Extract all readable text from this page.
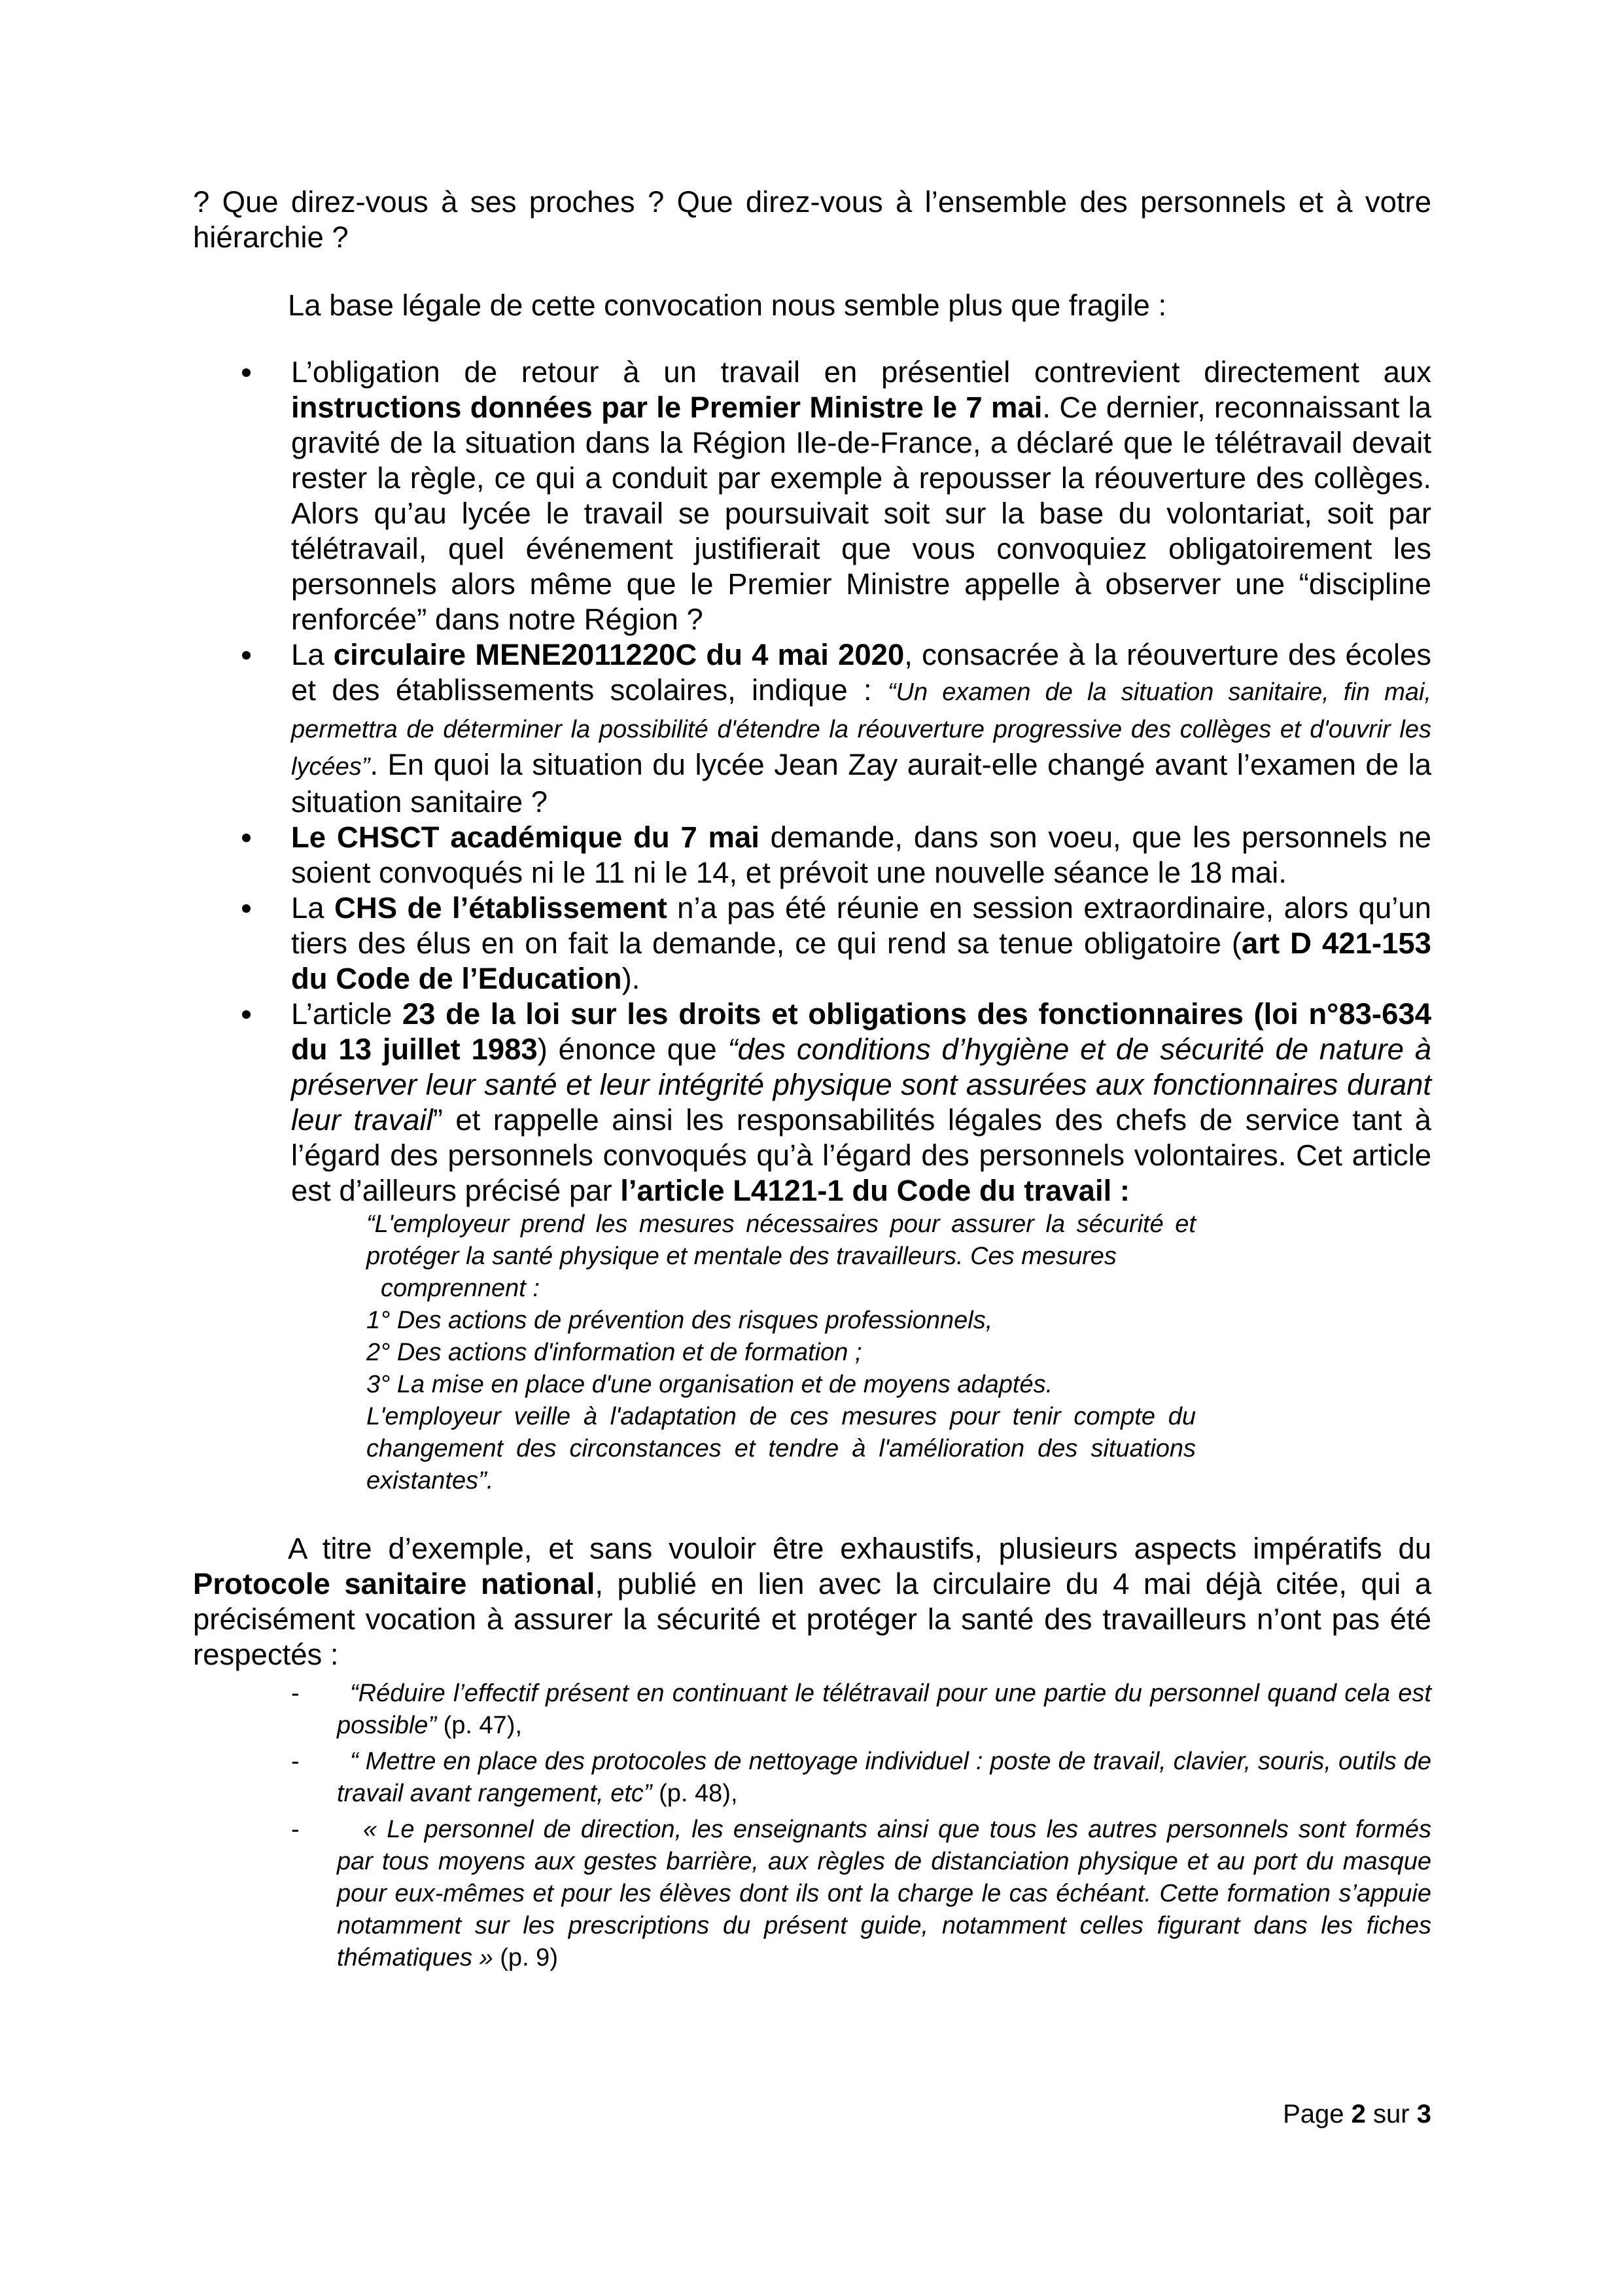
? Que direz-vous à ses proches ? Que direz-vous à l’ensemble des personnels et à votre hiérarchie ?

La base légale de cette convocation nous semble plus que fragile :

L’obligation de retour à un travail en présentiel contrevient directement aux instructions données par le Premier Ministre le 7 mai. Ce dernier, reconnaissant la gravité de la situation dans la Région Ile-de-France, a déclaré que le télétravail devait rester la règle, ce qui a conduit par exemple à repousser la réouverture des collèges. Alors qu’au lycée le travail se poursuivait soit sur la base du volontariat, soit par télétravail, quel événement justifierait que vous convoquiez obligatoirement les personnels alors même que le Premier Ministre appelle à observer une “discipline renforcée” dans notre Région ?
La circulaire MENE2011220C du 4 mai 2020, consacrée à la réouverture des écoles et des établissements scolaires, indique : “Un examen de la situation sanitaire, fin mai, permettra de déterminer la possibilité d'étendre la réouverture progressive des collèges et d'ouvrir les lycées”. En quoi la situation du lycée Jean Zay aurait-elle changé avant l’examen de la situation sanitaire ?
Le CHSCT académique du 7 mai demande, dans son voeu, que les personnels ne soient convoqués ni le 11 ni le 14, et prévoit une nouvelle séance le 18 mai.
La CHS de l’établissement n’a pas été réunie en session extraordinaire, alors qu’un tiers des élus en on fait la demande, ce qui rend sa tenue obligatoire (art D 421-153 du Code de l’Education).
L’article 23 de la loi sur les droits et obligations des fonctionnaires (loi n°83-634 du 13 juillet 1983) énonce que “des conditions d’hygiène et de sécurité de nature à préserver leur santé et leur intégrité physique sont assurées aux fonctionnaires durant leur travail” et rappelle ainsi les responsabilités légales des chefs de service tant à l’égard des personnels convoqués qu’à l’égard des personnels volontaires. Cet article est d’ailleurs précisé par l’article L4121-1 du Code du travail :
“L'employeur prend les mesures nécessaires pour assurer la sécurité et protéger la santé physique et mentale des travailleurs. Ces mesures
comprennent :
1° Des actions de prévention des risques professionnels,
2° Des actions d'information et de formation ;
3° La mise en place d'une organisation et de moyens adaptés.
L'employeur veille à l'adaptation de ces mesures pour tenir compte du changement des circonstances et tendre à l'amélioration des situations existantes”.

A titre d’exemple, et sans vouloir être exhaustifs, plusieurs aspects impératifs du Protocole sanitaire national, publié en lien avec la circulaire du 4 mai déjà citée, qui a précisément vocation à assurer la sécurité et protéger la santé des travailleurs n’ont pas été respectés :

- “Réduire l’effectif présent en continuant le télétravail pour une partie du personnel quand cela est possible” (p. 47),
- “ Mettre en place des protocoles de nettoyage individuel : poste de travail, clavier, souris, outils de travail avant rangement, etc” (p. 48),
-	« Le personnel de direction, les enseignants ainsi que tous les autres personnels sont formés par tous moyens aux gestes barrière, aux règles de distanciation physique et au port du masque pour eux-mêmes et pour les élèves dont ils ont la charge le cas échéant. Cette formation s’appuie notamment sur les prescriptions du présent guide, notamment celles figurant dans les fiches thématiques » (p. 9)
Page 2 sur 3
